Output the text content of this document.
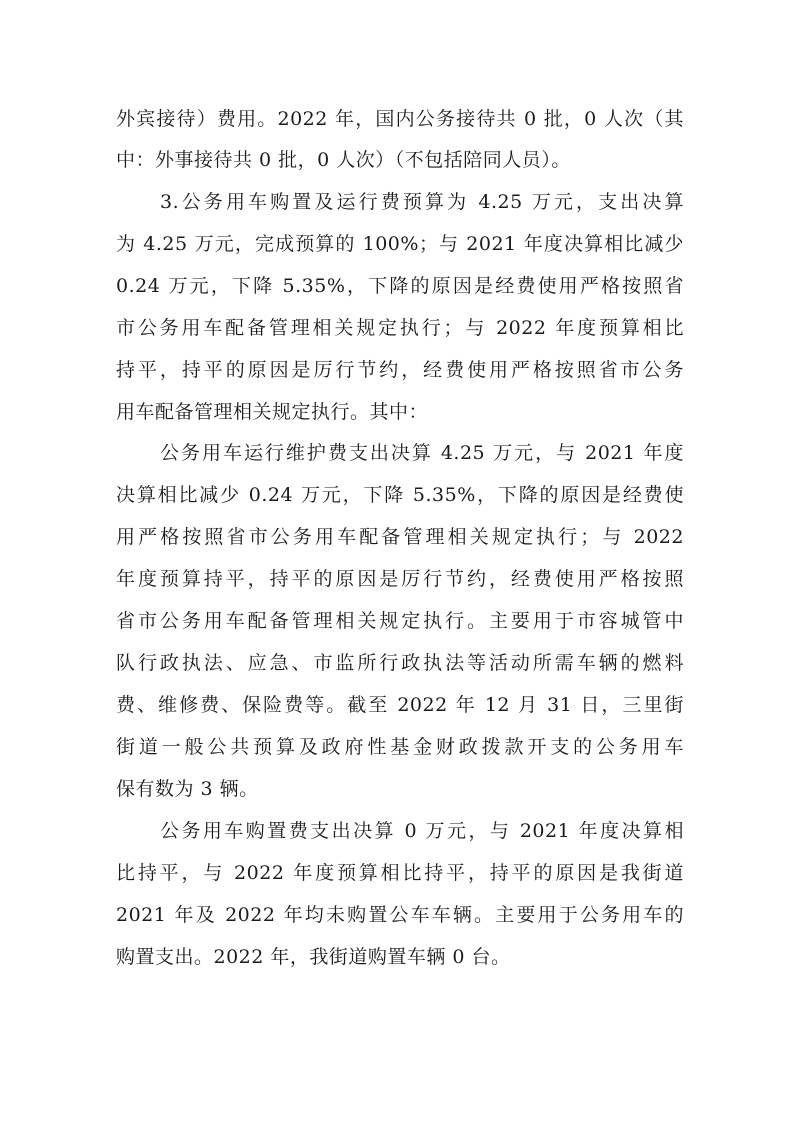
外宾接待）费用。2022 年，国内公务接待共 0 批，0 人次（其
中：外事接待共 0 批，0 人次）（不包括陪同人员）。
3.公务用车购置及运行费预算为 4.25 万元，支出决算
为 4.25 万元，完成预算的 100%；与 2021 年度决算相比减少
0.24 万元，下降 5.35%，下降的原因是经费使用严格按照省
市公务用车配备管理相关规定执行；与 2022 年度预算相比
持平，持平的原因是厉行节约，经费使用严格按照省市公务
用车配备管理相关规定执行。其中：
公务用车运行维护费支出决算 4.25 万元，与 2021 年度
决算相比减少 0.24 万元，下降 5.35%，下降的原因是经费使
用严格按照省市公务用车配备管理相关规定执行；与 2022
年度预算持平，持平的原因是厉行节约，经费使用严格按照
省市公务用车配备管理相关规定执行。主要用于市容城管中
队行政执法、应急、市监所行政执法等活动所需车辆的燃料
费、维修费、保险费等。截至 2022 年 12 月 31 日，三里街
街道一般公共预算及政府性基金财政拨款开支的公务用车
保有数为 3 辆。
公务用车购置费支出决算 0 万元，与 2021 年度决算相
比持平，与 2022 年度预算相比持平，持平的原因是我街道
2021 年及 2022 年均未购置公车车辆。主要用于公务用车的
购置支出。2022 年，我街道购置车辆 0 台。
